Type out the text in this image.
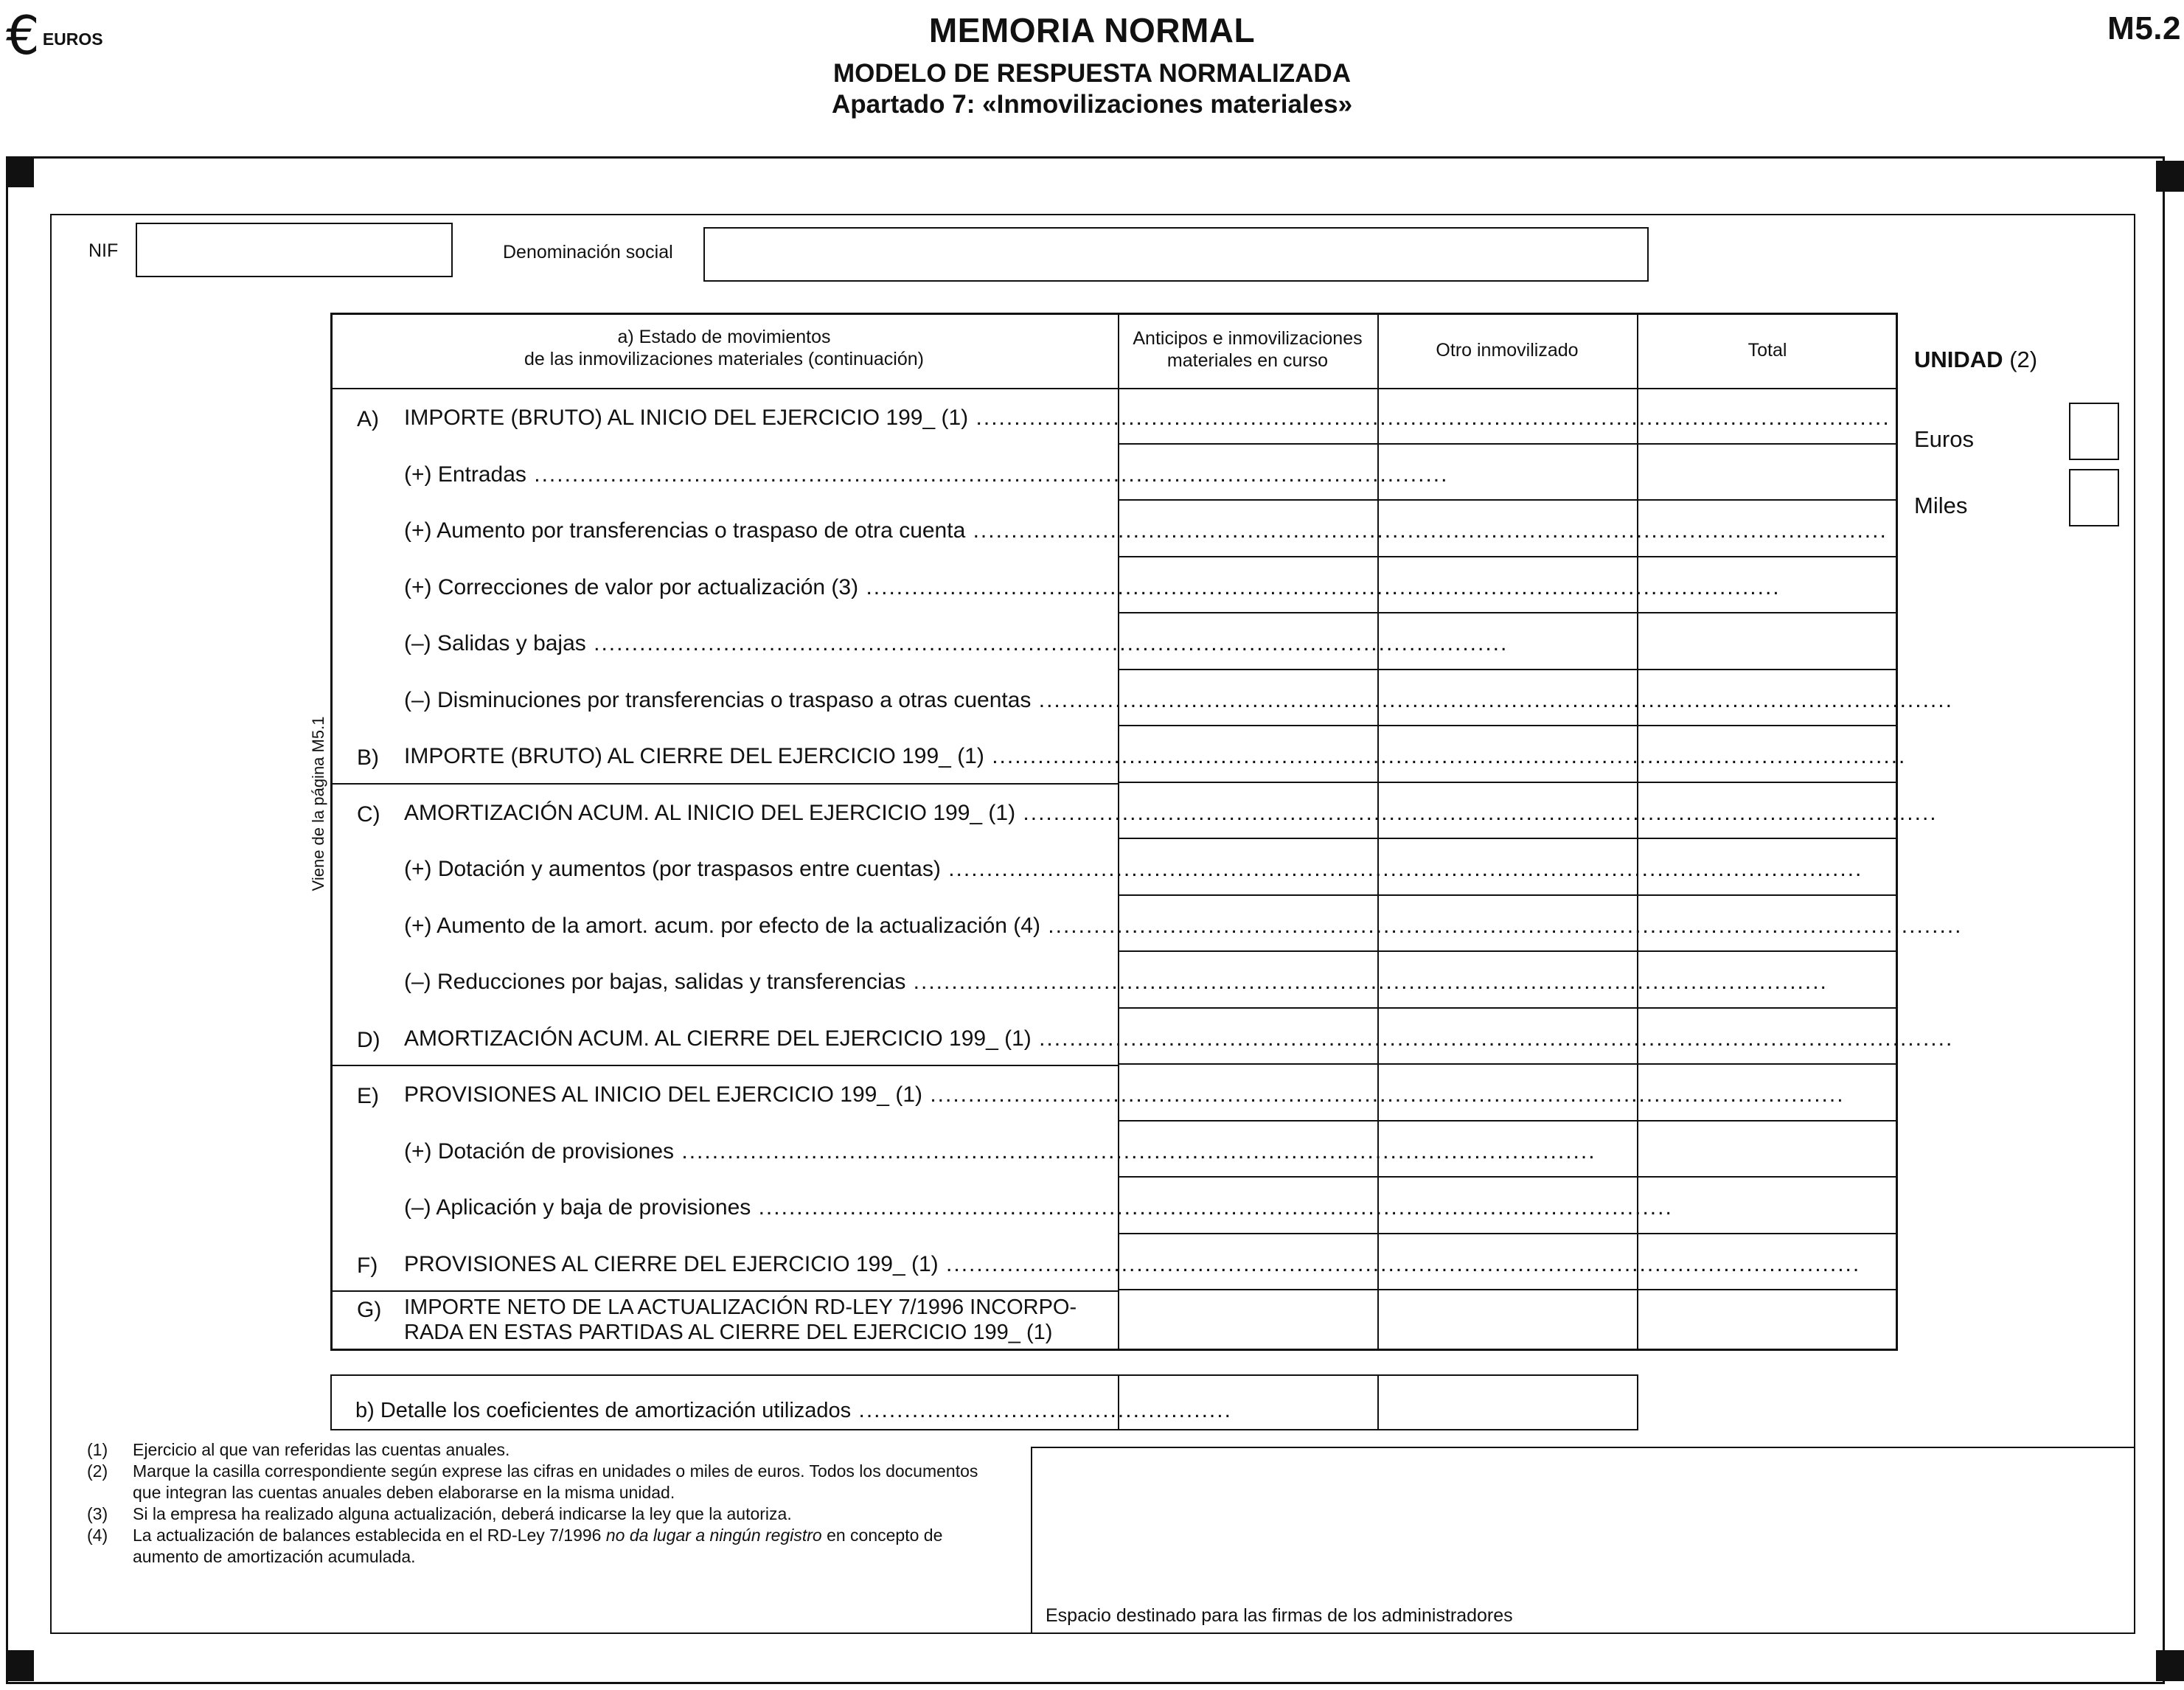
€ EUROS	MEMORIA NORMAL
MODELO DE RESPUESTA NORMALIZADA
Apartado 7: «Inmovilizaciones materiales»
M5.2
NIF	Denominación social
Viene de la página M5.1
a) Estado de movimientos
de las inmovilizaciones materiales (continuación)
Anticipos e inmovilizaciones materiales en curso	Otro inmovilizado	Total
A) IMPORTE (BRUTO) AL INICIO DEL EJERCICIO 199_ (1) ........................................................................................................................
(+) Entradas ........................................................................................................................
(+) Aumento por transferencias o traspaso de otra cuenta ........................................................................................................................
(+) Correcciones de valor por actualización (3) ........................................................................................................................
(–) Salidas y bajas ........................................................................................................................
(–) Disminuciones por transferencias o traspaso a otras cuentas ........................................................................................................................
B) IMPORTE (BRUTO) AL CIERRE DEL EJERCICIO 199_ (1) ........................................................................................................................
C) AMORTIZACIÓN ACUM. AL INICIO DEL EJERCICIO 199_ (1) ........................................................................................................................
(+) Dotación y aumentos (por traspasos entre cuentas) ........................................................................................................................
(+) Aumento de la amort. acum. por efecto de la actualización (4) ........................................................................................................................
(–) Reducciones por bajas, salidas y transferencias ........................................................................................................................
D) AMORTIZACIÓN ACUM. AL CIERRE DEL EJERCICIO 199_ (1) ........................................................................................................................
E) PROVISIONES AL INICIO DEL EJERCICIO 199_ (1) ........................................................................................................................
(+) Dotación de provisiones ........................................................................................................................
(–) Aplicación y baja de provisiones ........................................................................................................................
F) PROVISIONES AL CIERRE DEL EJERCICIO 199_ (1) ........................................................................................................................
G) IMPORTE NETO DE LA ACTUALIZACIÓN RD-LEY 7/1996 INCORPO-
RADA EN ESTAS PARTIDAS AL CIERRE DEL EJERCICIO 199_ (1)
UNIDAD (2)
Euros
Miles
b) Detalle los coeficientes de amortización utilizados .................................................
(1)	Ejercicio al que van referidas las cuentas anuales.
(2)	Marque la casilla correspondiente según exprese las cifras en unidades o miles de euros. Todos los documentos que integran las cuentas anuales deben elaborarse en la misma unidad.
(3)	Si la empresa ha realizado alguna actualización, deberá indicarse la ley que la autoriza.
(4)	La actualización de balances establecida en el RD-Ley 7/1996 no da lugar a ningún registro en concepto de aumento de amortización acumulada.
Espacio destinado para las firmas de los administradores
